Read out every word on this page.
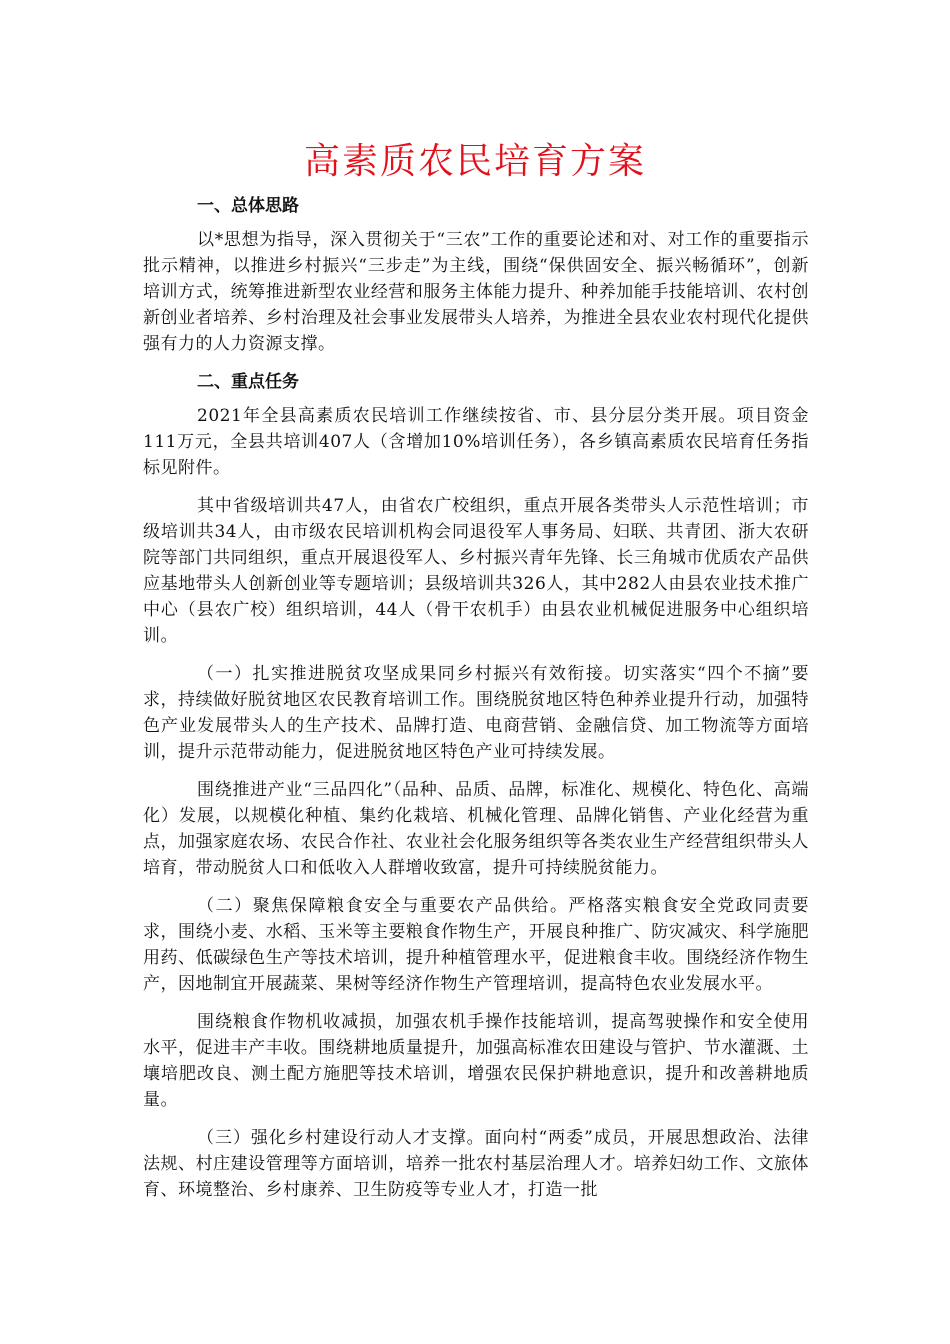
高素质农民培育方案
一、总体思路

以*思想为指导，深入贯彻关于“三农”工作的重要论述和对、对工作的重要指示批示精神，以推进乡村振兴“三步走”为主线，围绕“保供固安全、振兴畅循环”，创新培训方式，统筹推进新型农业经营和服务主体能力提升、种养加能手技能培训、农村创新创业者培养、乡村治理及社会事业发展带头人培养，为推进全县农业农村现代化提供强有力的人力资源支撑。

二、重点任务

2021年全县高素质农民培训工作继续按省、市、县分层分类开展。项目资金111万元，全县共培训407人（含增加10%培训任务），各乡镇高素质农民培育任务指标见附件。

其中省级培训共47人，由省农广校组织，重点开展各类带头人示范性培训；市级培训共34人，由市级农民培训机构会同退役军人事务局、妇联、共青团、浙大农研院等部门共同组织，重点开展退役军人、乡村振兴青年先锋、长三角城市优质农产品供应基地带头人创新创业等专题培训；县级培训共326人，其中282人由县农业技术推广中心（县农广校）组织培训，44人（骨干农机手）由县农业机械促进服务中心组织培训。

（一）扎实推进脱贫攻坚成果同乡村振兴有效衔接。切实落实“四个不摘”要求，持续做好脱贫地区农民教育培训工作。围绕脱贫地区特色种养业提升行动，加强特色产业发展带头人的生产技术、品牌打造、电商营销、金融信贷、加工物流等方面培训，提升示范带动能力，促进脱贫地区特色产业可持续发展。

围绕推进产业“三品四化”（品种、品质、品牌，标准化、规模化、特色化、高端化）发展，以规模化种植、集约化栽培、机械化管理、品牌化销售、产业化经营为重点，加强家庭农场、农民合作社、农业社会化服务组织等各类农业生产经营组织带头人培育，带动脱贫人口和低收入人群增收致富，提升可持续脱贫能力。

（二）聚焦保障粮食安全与重要农产品供给。严格落实粮食安全党政同责要求，围绕小麦、水稻、玉米等主要粮食作物生产，开展良种推广、防灾减灾、科学施肥用药、低碳绿色生产等技术培训，提升种植管理水平，促进粮食丰收。围绕经济作物生产，因地制宜开展蔬菜、果树等经济作物生产管理培训，提高特色农业发展水平。

围绕粮食作物机收减损，加强农机手操作技能培训，提高驾驶操作和安全使用水平，促进丰产丰收。围绕耕地质量提升，加强高标准农田建设与管护、节水灌溉、土壤培肥改良、测土配方施肥等技术培训，增强农民保护耕地意识，提升和改善耕地质量。

（三）强化乡村建设行动人才支撑。面向村“两委”成员，开展思想政治、法律法规、村庄建设管理等方面培训，培养一批农村基层治理人才。培养妇幼工作、文旅体育、环境整治、乡村康养、卫生防疫等专业人才，打造一批
